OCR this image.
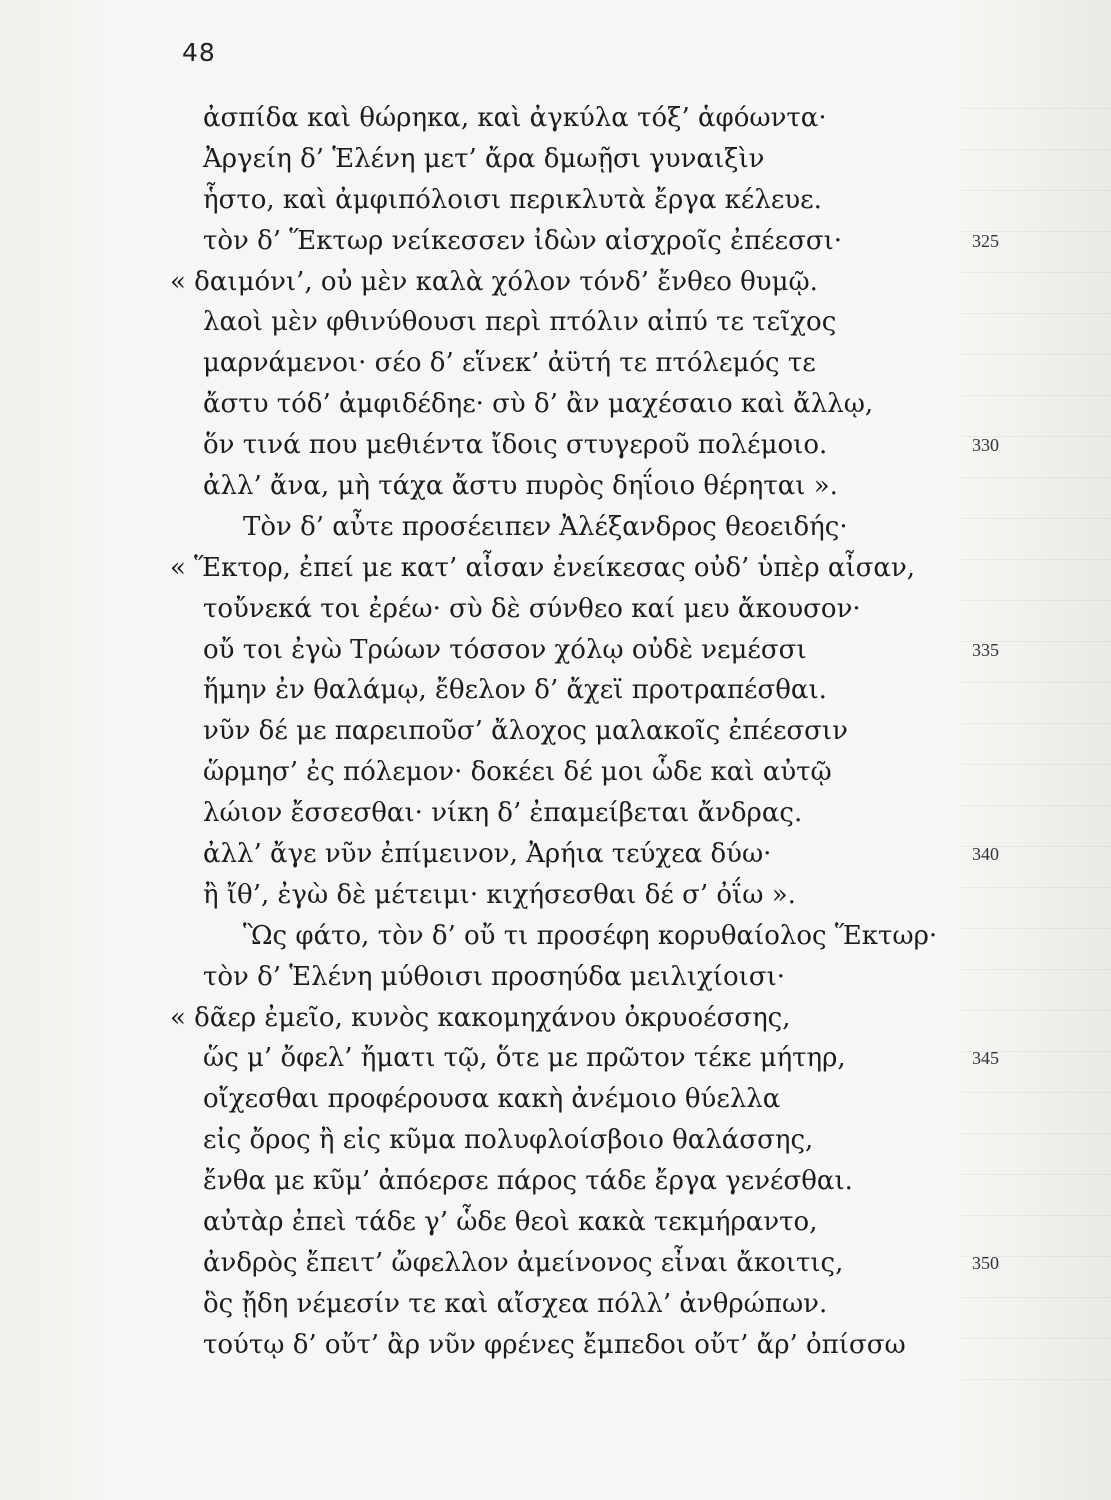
48
ἀσπίδα καὶ θώρηκα, καὶ ἀγκύλα τόξ’ ἁφόωντα·
Ἀργείη δ’ Ἑλένη μετ’ ἄρα δμωῇσι γυναιξὶν
ἧστο, καὶ ἀμφιπόλοισι περικλυτὰ ἔργα κέλευε.
τὸν δ’ Ἕκτωρ νείκεσσεν ἰδὼν αἰσχροῖς ἐπέεσσι·	325
« δαιμόνι’, οὐ μὲν καλὰ χόλον τόνδ’ ἔνθεο θυμῷ.
λαοὶ μὲν φθινύθουσι περὶ πτόλιν αἰπύ τε τεῖχος
μαρνάμενοι· σέο δ’ εἵνεκ’ ἀϋτή τε πτόλεμός τε
ἄστυ τόδ’ ἀμφιδέδηε· σὺ δ’ ἂν μαχέσαιο καὶ ἄλλῳ,
ὅν τινά που μεθιέντα ἴδοις στυγεροῦ πολέμοιο.	330
ἀλλ’ ἄνα, μὴ τάχα ἄστυ πυρὸς δηΐοιο θέρηται ».
Τὸν δ’ αὖτε προσέειπεν Ἀλέξανδρος θεοειδής·
« Ἕκτορ, ἐπεί με κατ’ αἶσαν ἐνείκεσας οὐδ’ ὑπὲρ αἶσαν,
τοὔνεκά τοι ἐρέω· σὺ δὲ σύνθεο καί μευ ἄκουσον·
οὔ τοι ἐγὼ Τρώων τόσσον χόλῳ οὐδὲ νεμέσσι	335
ἥμην ἐν θαλάμῳ, ἔθελον δ’ ἄχεϊ προτραπέσθαι.
νῦν δέ με παρειποῦσ’ ἄλοχος μαλακοῖς ἐπέεσσιν
ὥρμησ’ ἐς πόλεμον· δοκέει δέ μοι ὧδε καὶ αὐτῷ
λώιον ἔσσεσθαι· νίκη δ’ ἐπαμείβεται ἄνδρας.
ἀλλ’ ἄγε νῦν ἐπίμεινον, Ἀρήια τεύχεα δύω·	340
ἢ ἴθ’, ἐγὼ δὲ μέτειμι· κιχήσεσθαι δέ σ’ ὀΐω ».
Ὣς φάτο, τὸν δ’ οὔ τι προσέφη κορυθαίολος Ἕκτωρ·
τὸν δ’ Ἑλένη μύθοισι προσηύδα μειλιχίοισι·
« δᾶερ ἐμεῖο, κυνὸς κακομηχάνου ὀκρυοέσσης,
ὥς μ’ ὄφελ’ ἤματι τῷ, ὅτε με πρῶτον τέκε μήτηρ,	345
οἴχεσθαι προφέρουσα κακὴ ἀνέμοιο θύελλα
εἰς ὄρος ἢ εἰς κῦμα πολυφλοίσβοιο θαλάσσης,
ἔνθα με κῦμ’ ἀπόερσε πάρος τάδε ἔργα γενέσθαι.
αὐτὰρ ἐπεὶ τάδε γ’ ὧδε θεοὶ κακὰ τεκμήραντο,
ἀνδρὸς ἔπειτ’ ὤφελλον ἀμείνονος εἶναι ἄκοιτις,	350
ὃς ᾔδη νέμεσίν τε καὶ αἴσχεα πόλλ’ ἀνθρώπων.
τούτῳ δ’ οὔτ’ ἂρ νῦν φρένες ἔμπεδοι οὔτ’ ἄρ’ ὀπίσσω
